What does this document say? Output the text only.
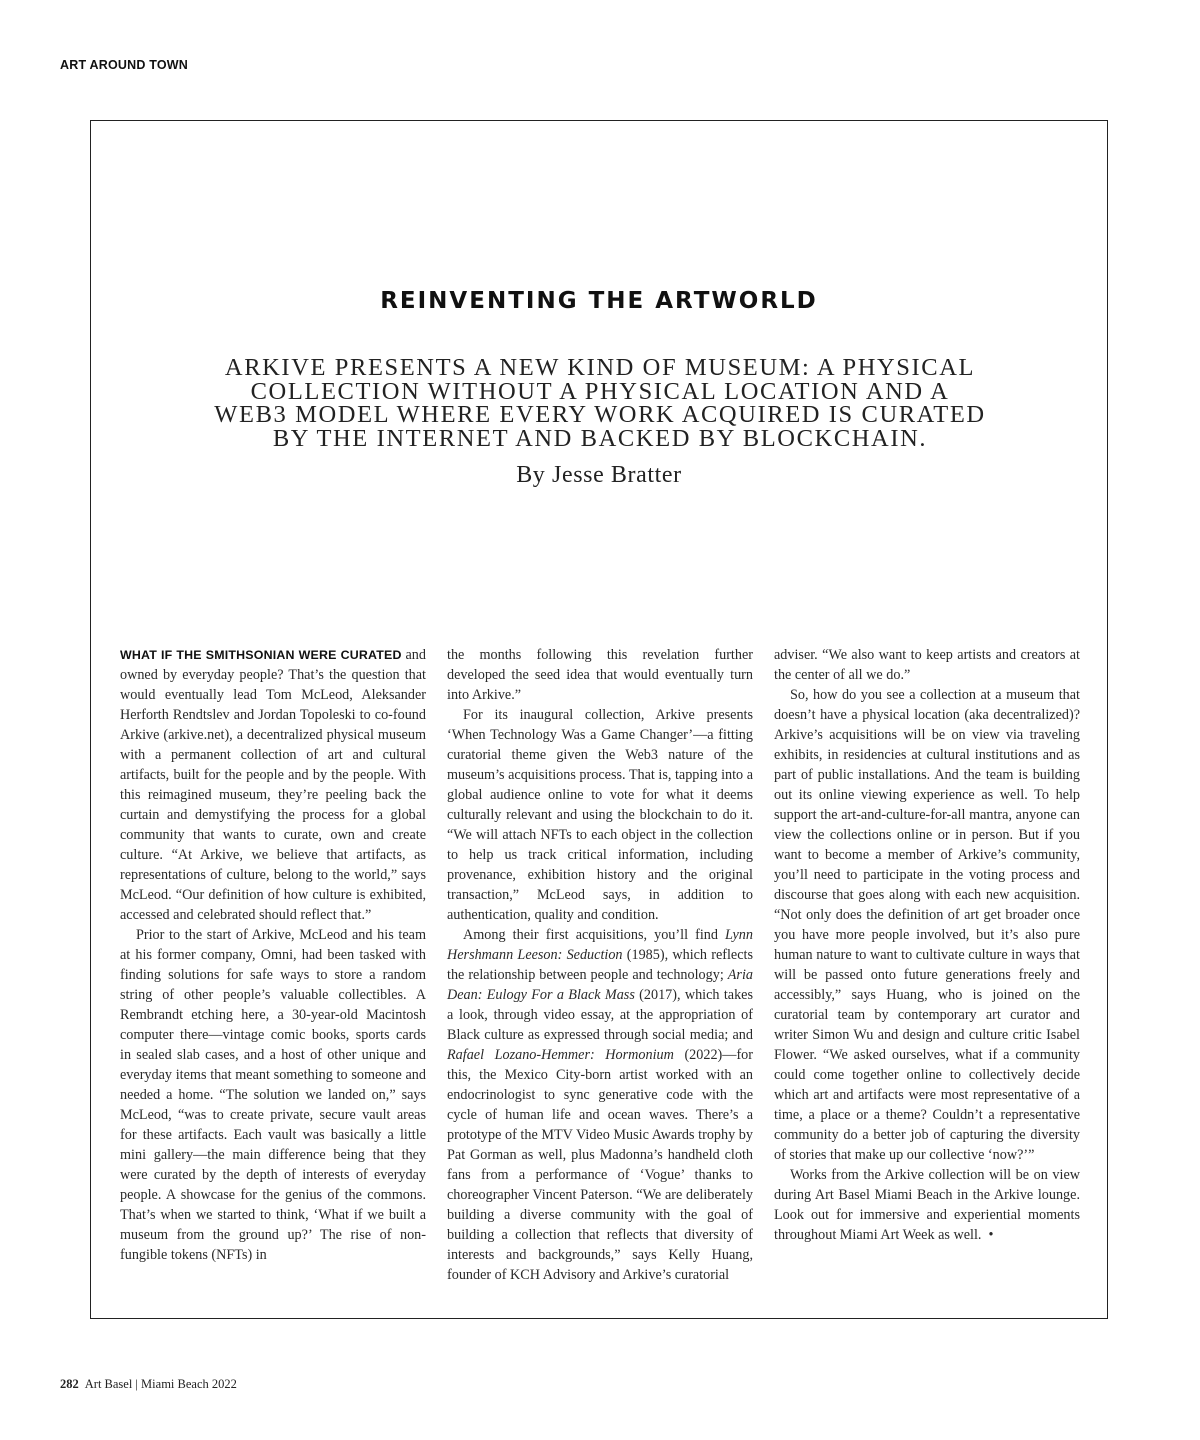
ART AROUND TOWN
REINVENTING THE ARTWORLD
ARKIVE PRESENTS A NEW KIND OF MUSEUM: A PHYSICAL
COLLECTION WITHOUT A PHYSICAL LOCATION AND A
WEB3 MODEL WHERE EVERY WORK ACQUIRED IS CURATED
BY THE INTERNET AND BACKED BY BLOCKCHAIN.
By Jesse Bratter

WHAT IF THE SMITHSONIAN WERE CURATED and owned by everyday people? That’s the question that would eventually lead Tom McLeod, Aleksander Herforth Rendtslev and Jordan Topoleski to co-found Arkive (arkive.net), a decentralized physical museum with a permanent collection of art and cultural artifacts, built for the people and by the people. With this reimagined museum, they’re peeling back the curtain and demystifying the process for a global community that wants to curate, own and create culture. “At Arkive, we believe that artifacts, as representations of culture, belong to the world,” says McLeod. “Our definition of how culture is exhibited, accessed and celebrated should reflect that.”

Prior to the start of Arkive, McLeod and his team at his former company, Omni, had been tasked with finding solutions for safe ways to store a random string of other people’s valuable collectibles. A Rembrandt etching here, a 30-year-old Macintosh computer there—vintage comic books, sports cards in sealed slab cases, and a host of other unique and everyday items that meant something to someone and needed a home. “The solution we landed on,” says McLeod, “was to create private, secure vault areas for these artifacts. Each vault was basically a little mini gallery—the main difference being that they were curated by the depth of interests of everyday people. A showcase for the genius of the commons. That’s when we started to think, ‘What if we built a museum from the ground up?’ The rise of non-fungible tokens (NFTs) in

the months following this revelation further developed the seed idea that would eventually turn into Arkive.”

For its inaugural collection, Arkive presents ‘When Technology Was a Game Changer’—a fitting curatorial theme given the Web3 nature of the museum’s acquisitions process. That is, tapping into a global audience online to vote for what it deems culturally relevant and using the blockchain to do it. “We will attach NFTs to each object in the collection to help us track critical information, including provenance, exhibition history and the original transaction,” McLeod says, in addition to authentication, quality and condition.

Among their first acquisitions, you’ll find Lynn Hershmann Leeson: Seduction (1985), which reflects the relationship between people and technology; Aria Dean: Eulogy For a Black Mass (2017), which takes a look, through video essay, at the appropriation of Black culture as expressed through social media; and Rafael Lozano-Hemmer: Hormonium (2022)—for this, the Mexico City-born artist worked with an endocrinologist to sync generative code with the cycle of human life and ocean waves. There’s a prototype of the MTV Video Music Awards trophy by Pat Gorman as well, plus Madonna’s handheld cloth fans from a performance of ‘Vogue’ thanks to choreographer Vincent Paterson. “We are deliberately building a diverse community with the goal of building a collection that reflects that diversity of interests and backgrounds,” says Kelly Huang, founder of KCH Advisory and Arkive’s curatorial

adviser. “We also want to keep artists and creators at the center of all we do.”

So, how do you see a collection at a museum that doesn’t have a physical location (aka decentralized)? Arkive’s acquisitions will be on view via traveling exhibits, in residencies at cultural institutions and as part of public installations. And the team is building out its online viewing experience as well. To help support the art-and-culture-for-all mantra, anyone can view the collections online or in person. But if you want to become a member of Arkive’s community, you’ll need to participate in the voting process and discourse that goes along with each new acquisition. “Not only does the definition of art get broader once you have more people involved, but it’s also pure human nature to want to cultivate culture in ways that will be passed onto future generations freely and accessibly,” says Huang, who is joined on the curatorial team by contemporary art curator and writer Simon Wu and design and culture critic Isabel Flower. “We asked ourselves, what if a community could come together online to collectively decide which art and artifacts were most representative of a time, a place or a theme? Couldn’t a representative community do a better job of capturing the diversity of stories that make up our collective ‘now?’”

Works from the Arkive collection will be on view during Art Basel Miami Beach in the Arkive lounge. Look out for immersive and experiential moments throughout Miami Art Week as well. •

282 Art Basel | Miami Beach 2022
